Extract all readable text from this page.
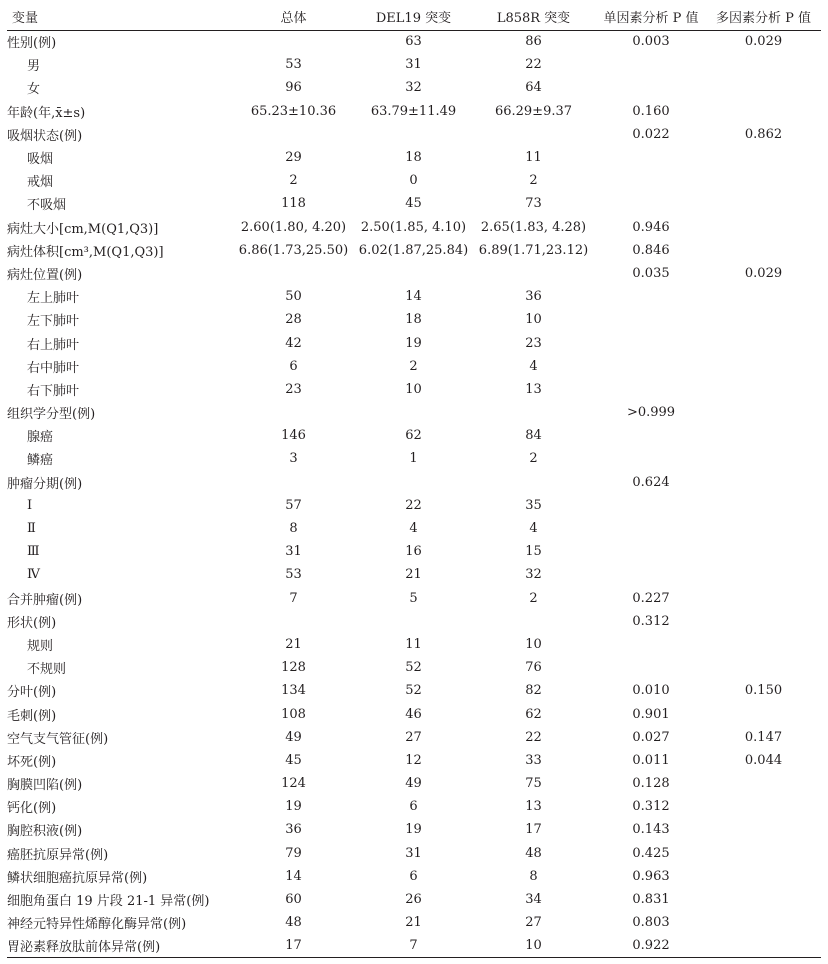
变量	总体	DEL19 突变	L858R 突变	单因素分析 P 值	多因素分析 P 值
性别(例)		63	86	0.003	0.029
男	53	31	22		
女	96	32	64		
年龄(年,x̄±s)	65.23±10.36	63.79±11.49	66.29±9.37	0.160	
吸烟状态(例)				0.022	0.862
吸烟	29	18	11		
戒烟	2	0	2		
不吸烟	118	45	73		
病灶大小[cm,M(Q1,Q3)]	2.60(1.80, 4.20)	2.50(1.85, 4.10)	2.65(1.83, 4.28)	0.946	
病灶体积[cm³,M(Q1,Q3)]	6.86(1.73,25.50)	6.02(1.87,25.84)	6.89(1.71,23.12)	0.846	
病灶位置(例)				0.035	0.029
左上肺叶	50	14	36		
左下肺叶	28	18	10		
右上肺叶	42	19	23		
右中肺叶	6	2	4		
右下肺叶	23	10	13		
组织学分型(例)				>0.999	
腺癌	146	62	84		
鳞癌	3	1	2		
肿瘤分期(例)				0.624	
Ⅰ	57	22	35		
Ⅱ	8	4	4		
Ⅲ	31	16	15		
Ⅳ	53	21	32		
合并肿瘤(例)	7	5	2	0.227	
形状(例)				0.312	
规则	21	11	10		
不规则	128	52	76		
分叶(例)	134	52	82	0.010	0.150
毛刺(例)	108	46	62	0.901	
空气支气管征(例)	49	27	22	0.027	0.147
坏死(例)	45	12	33	0.011	0.044
胸膜凹陷(例)	124	49	75	0.128	
钙化(例)	19	6	13	0.312	
胸腔积液(例)	36	19	17	0.143	
癌胚抗原异常(例)	79	31	48	0.425	
鳞状细胞癌抗原异常(例)	14	6	8	0.963	
细胞角蛋白 19 片段 21-1 异常(例)	60	26	34	0.831	
神经元特异性烯醇化酶异常(例)	48	21	27	0.803	
胃泌素释放肽前体异常(例)	17	7	10	0.922	
